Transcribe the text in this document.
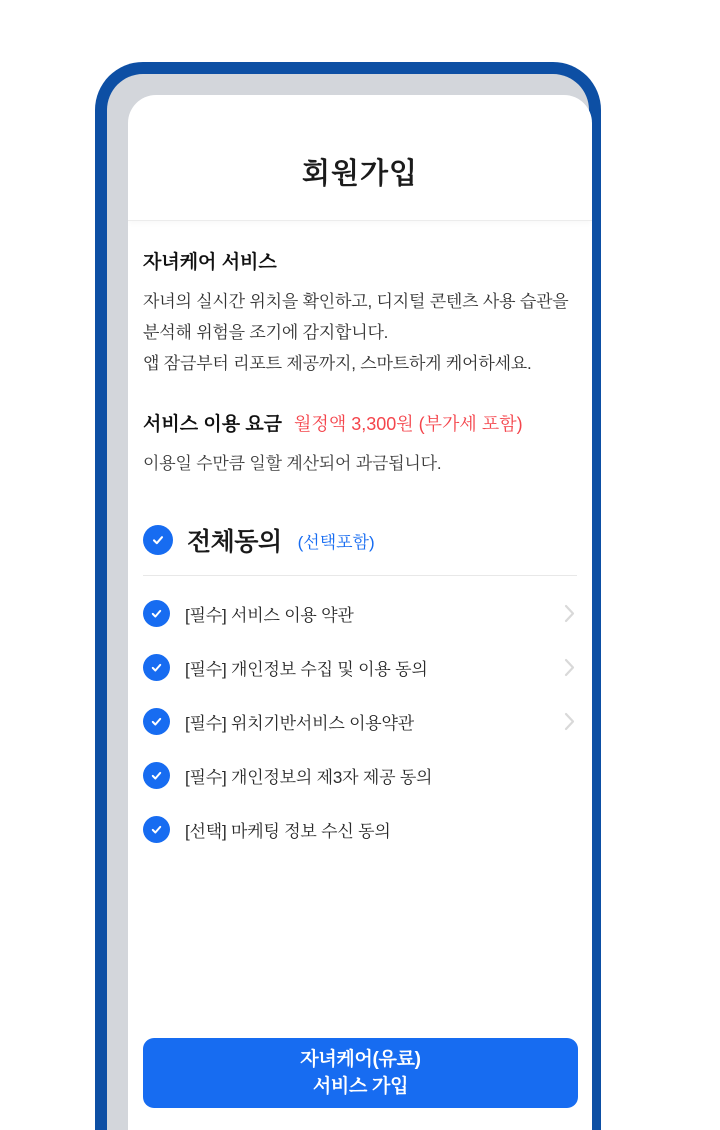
회원가입
자녀케어 서비스
자녀의 실시간 위치을 확인하고, 디지털 콘텐츠 사용 습관을 분석해 위험을 조기에 감지합니다.
앱 잠금부터 리포트 제공까지, 스마트하게 케어하세요.
서비스 이용 요금 월정액 3,300원 (부가세 포함)
이용일 수만큼 일할 계산되어 과금됩니다.
전체동의 (선택포함)
[필수] 서비스 이용 약관
[필수] 개인정보 수집 및 이용 동의
[필수] 위치기반서비스 이용약관
[필수] 개인정보의 제3자 제공 동의
[선택] 마케팅 정보 수신 동의
자녀케어(유료)
서비스 가입
